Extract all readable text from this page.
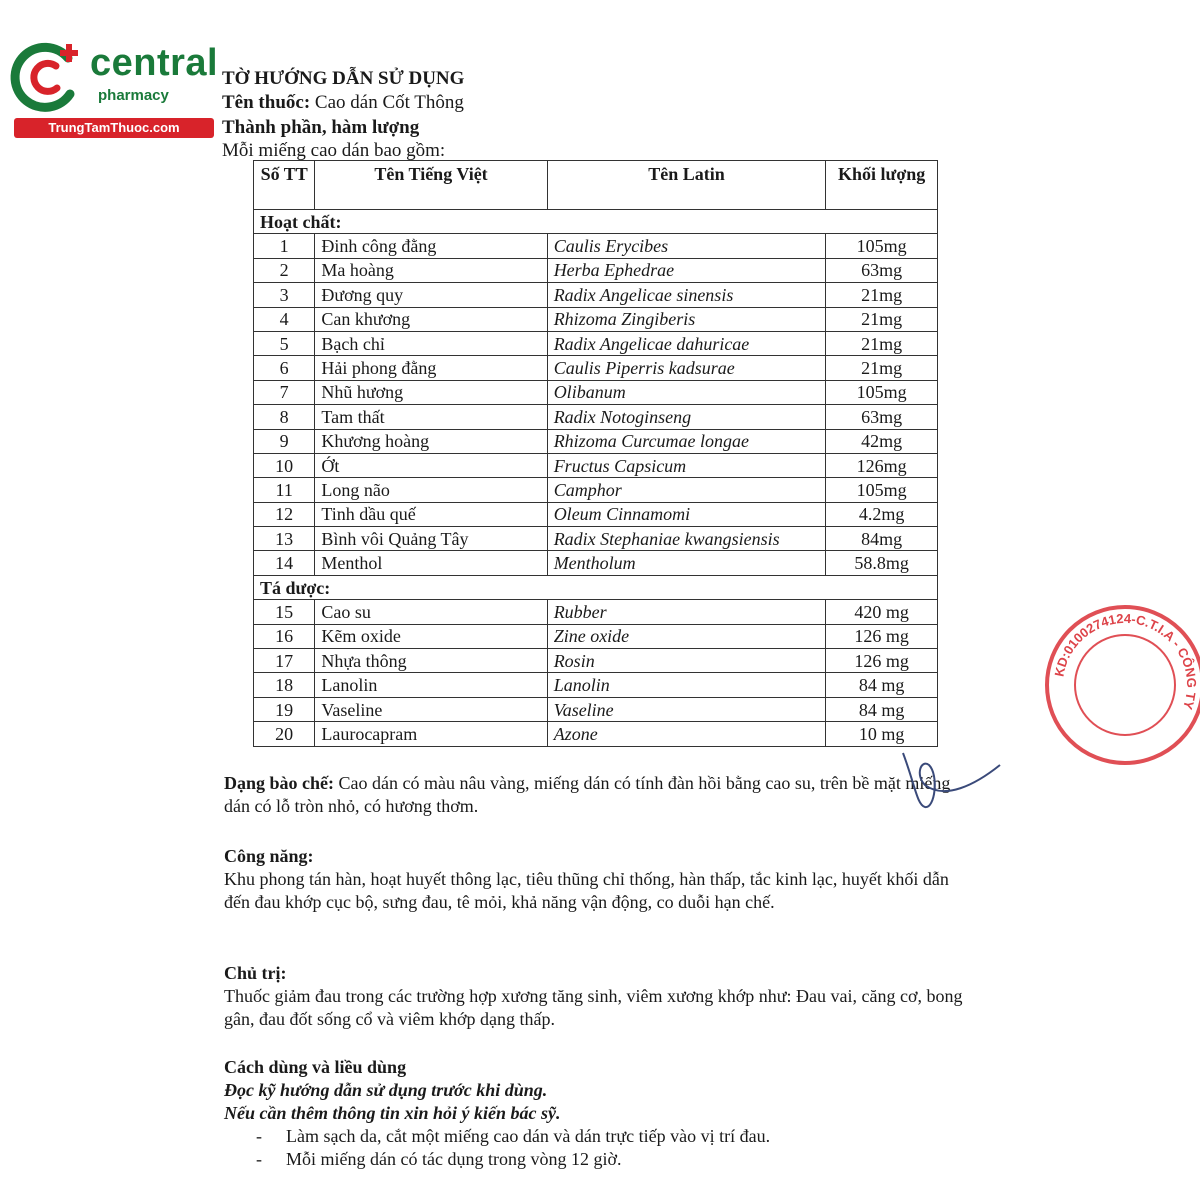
central
pharmacy
TrungTamThuoc.com
TỜ HƯỚNG DẪN SỬ DỤNG
Tên thuốc: Cao dán Cốt Thông
Thành phần, hàm lượng
Mỗi miếng cao dán bao gồm:
Số TT	Tên Tiếng Việt	Tên Latin	Khối lượng
Hoạt chất:			
1	Đinh công đằng	Caulis Erycibes	105mg
2	Ma hoàng	Herba Ephedrae	63mg
3	Đương quy	Radix Angelicae sinensis	21mg
4	Can khương	Rhizoma Zingiberis	21mg
5	Bạch chỉ	Radix Angelicae dahuricae	21mg
6	Hải phong đằng	Caulis Piperris kadsurae	21mg
7	Nhũ hương	Olibanum	105mg
8	Tam thất	Radix Notoginseng	63mg
9	Khương hoàng	Rhizoma Curcumae longae	42mg
10	Ớt	Fructus Capsicum	126mg
11	Long não	Camphor	105mg
12	Tinh dầu quế	Oleum Cinnamomi	4.2mg
13	Bình vôi Quảng Tây	Radix Stephaniae kwangsiensis	84mg
14	Menthol	Mentholum	58.8mg
Tá dược:			
15	Cao su	Rubber	420 mg
16	Kẽm oxide	Zine oxide	126 mg
17	Nhựa thông	Rosin	126 mg
18	Lanolin	Lanolin	84 mg
19	Vaseline	Vaseline	84 mg
20	Laurocapram	Azone	10 mg
Dạng bào chế: Cao dán có màu nâu vàng, miếng dán có tính đàn hồi bằng cao su, trên bề mặt miếng dán có lỗ tròn nhỏ, có hương thơm.
Công năng:
Khu phong tán hàn, hoạt huyết thông lạc, tiêu thũng chỉ thống, hàn thấp, tắc kinh lạc, huyết khối dẫn đến đau khớp cục bộ, sưng đau, tê mỏi, khả năng vận động, co duỗi hạn chế.
Chủ trị:
Thuốc giảm đau trong các trường hợp xương tăng sinh, viêm xương khớp như: Đau vai, căng cơ, bong gân, đau đốt sống cổ và viêm khớp dạng thấp.
Cách dùng và liều dùng
Đọc kỹ hướng dẫn sử dụng trước khi dùng.
Nếu cần thêm thông tin xin hỏi ý kiến bác sỹ.
- Làm sạch da, cắt một miếng cao dán và dán trực tiếp vào vị trí đau.
- Mỗi miếng dán có tác dụng trong vòng 12 giờ.
KD:0100274124-C.T.I.A - CÔNG TY
